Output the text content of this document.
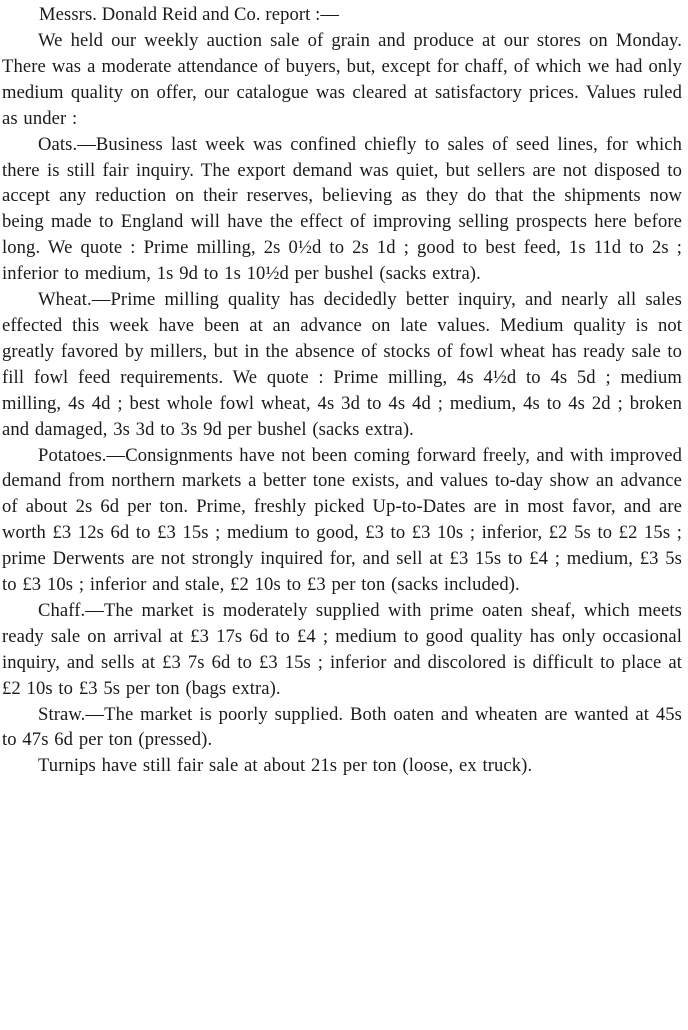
Messrs. Donald Reid and Co. report :—

We held our weekly auction sale of grain and produce at our stores on Monday. There was a moderate attendance of buyers, but, except for chaff, of which we had only medium quality on offer, our catalogue was cleared at satisfactory prices. Values ruled as under :

Oats.—Business last week was confined chiefly to sales of seed lines, for which there is still fair inquiry. The export demand was quiet, but sellers are not disposed to accept any reduction on their reserves, believing as they do that the shipments now being made to England will have the effect of improving selling prospects here before long. We quote : Prime milling, 2s 0½d to 2s 1d ; good to best feed, 1s 11d to 2s ; inferior to medium, 1s 9d to 1s 10½d per bushel (sacks extra).

Wheat.—Prime milling quality has decidedly better inquiry, and nearly all sales effected this week have been at an advance on late values. Medium quality is not greatly favored by millers, but in the absence of stocks of fowl wheat has ready sale to fill fowl feed requirements. We quote : Prime milling, 4s 4½d to 4s 5d ; medium milling, 4s 4d ; best whole fowl wheat, 4s 3d to 4s 4d ; medium, 4s to 4s 2d ; broken and damaged, 3s 3d to 3s 9d per bushel (sacks extra).

Potatoes.—Consignments have not been coming forward freely, and with improved demand from northern markets a better tone exists, and values to-day show an advance of about 2s 6d per ton. Prime, freshly picked Up-to-Dates are in most favor, and are worth £3 12s 6d to £3 15s ; medium to good, £3 to £3 10s ; inferior, £2 5s to £2 15s ; prime Derwents are not strongly inquired for, and sell at £3 15s to £4 ; medium, £3 5s to £3 10s ; inferior and stale, £2 10s to £3 per ton (sacks included).

Chaff.—The market is moderately supplied with prime oaten sheaf, which meets ready sale on arrival at £3 17s 6d to £4 ; medium to good quality has only occasional inquiry, and sells at £3 7s 6d to £3 15s ; inferior and discolored is difficult to place at £2 10s to £3 5s per ton (bags extra).

Straw.—The market is poorly supplied. Both oaten and wheaten are wanted at 45s to 47s 6d per ton (pressed).

Turnips have still fair sale at about 21s per ton (loose, ex truck).
